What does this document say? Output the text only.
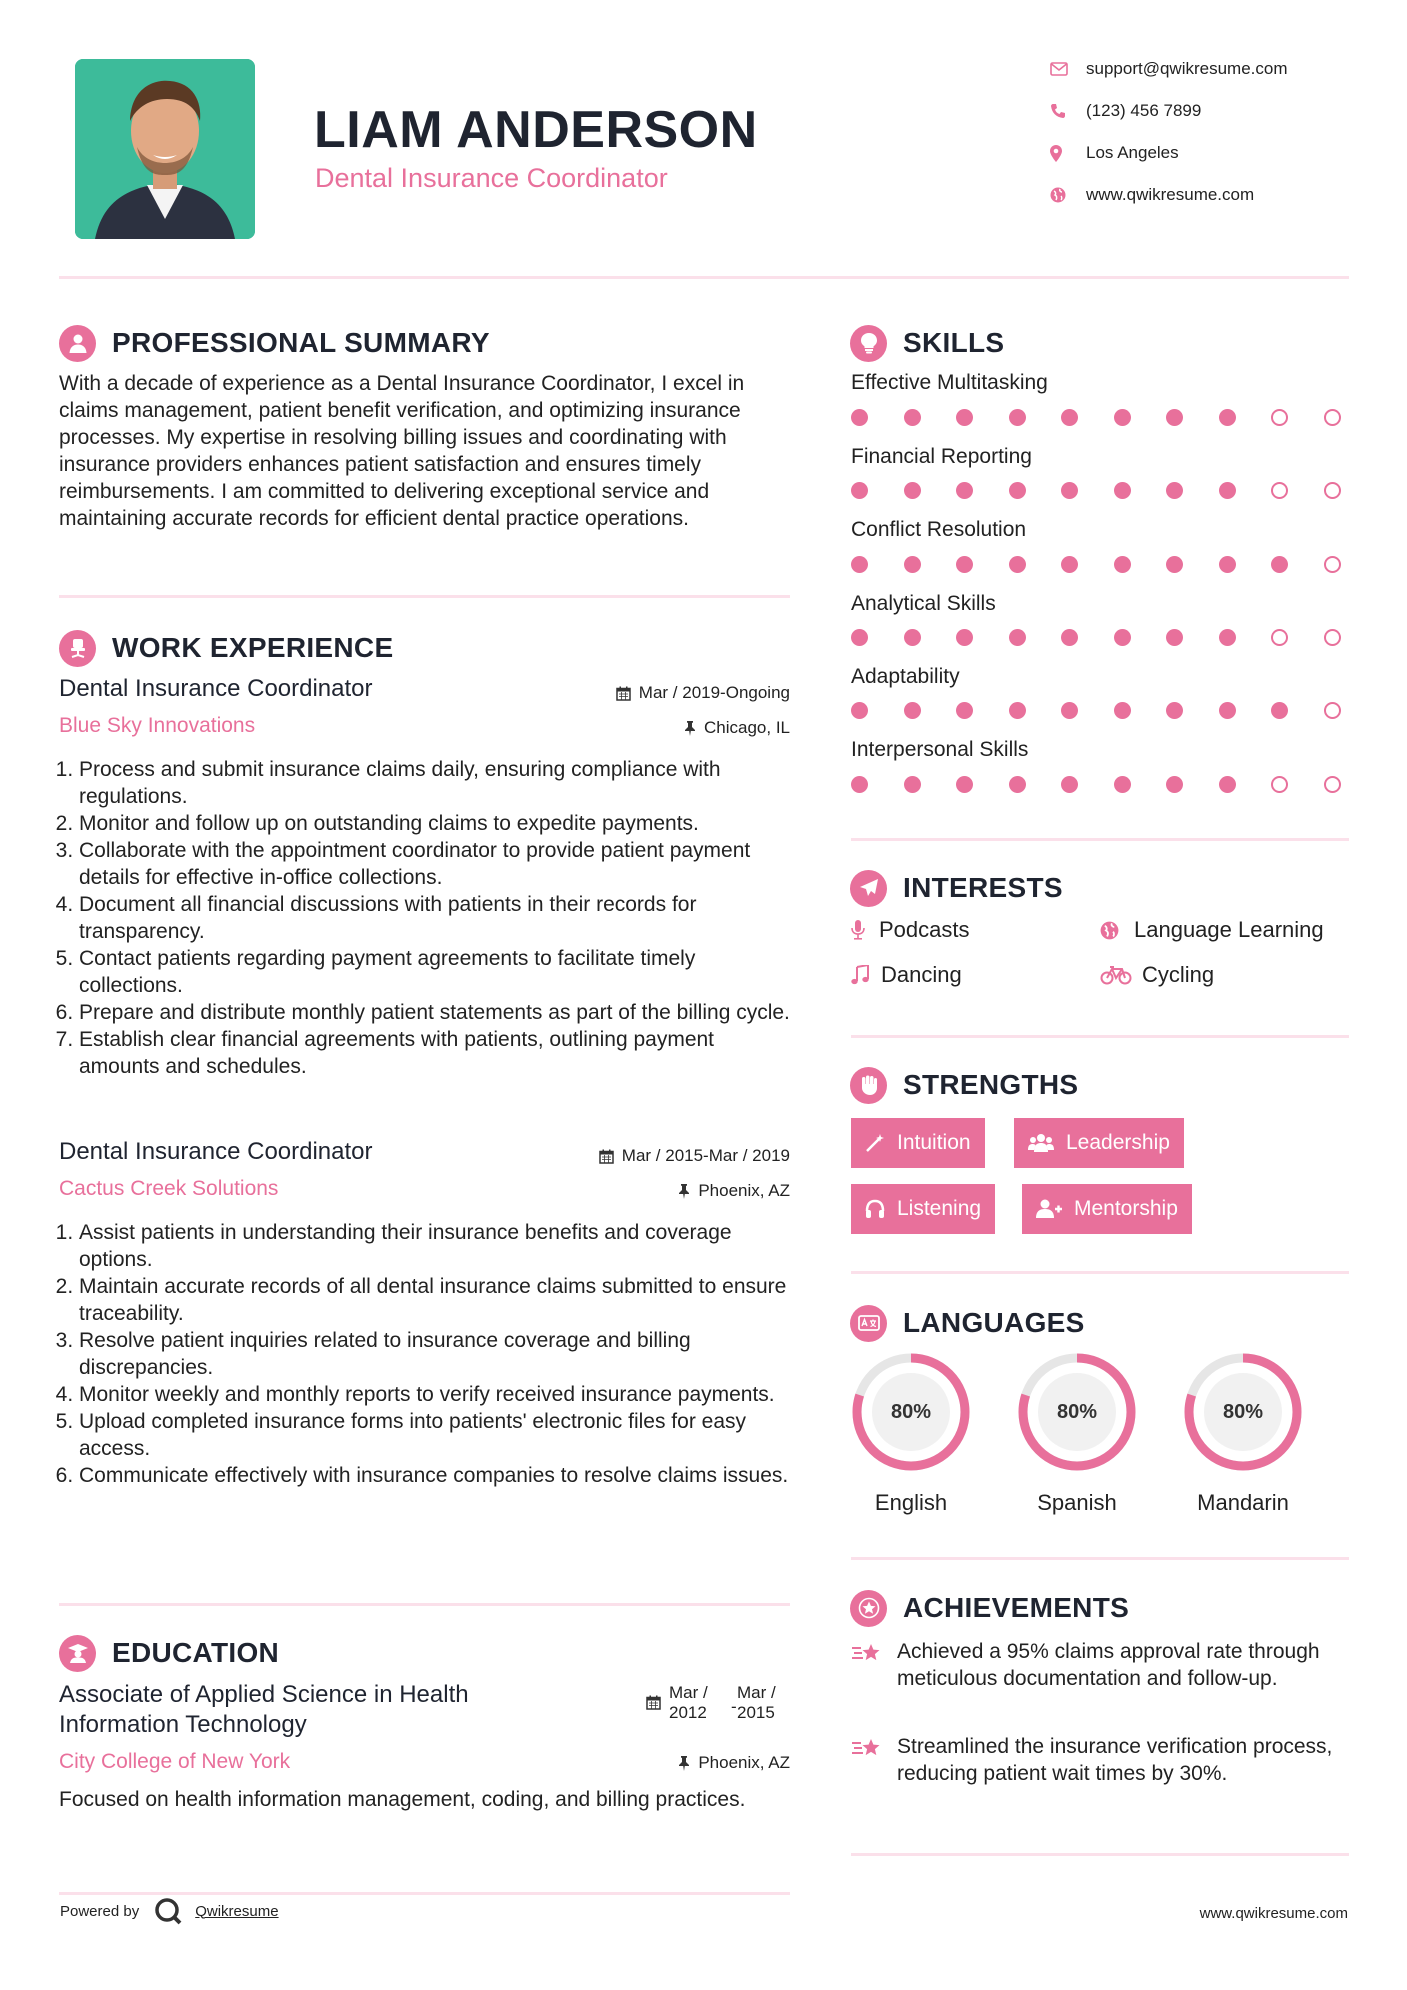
LIAM ANDERSON
Dental Insurance Coordinator
support@qwikresume.com
(123) 456 7899
Los Angeles
www.qwikresume.com
PROFESSIONAL SUMMARY
With a decade of experience as a Dental Insurance Coordinator, I excel in claims management, patient benefit verification, and optimizing insurance processes. My expertise in resolving billing issues and coordinating with insurance providers enhances patient satisfaction and ensures timely reimbursements. I am committed to delivering exceptional service and maintaining accurate records for efficient dental practice operations.
WORK EXPERIENCE
Dental Insurance Coordinator	Mar / 2019-Ongoing
Blue Sky Innovations	Chicago, IL
1. Process and submit insurance claims daily, ensuring compliance with regulations.
2. Monitor and follow up on outstanding claims to expedite payments.
3. Collaborate with the appointment coordinator to provide patient payment details for effective in-office collections.
4. Document all financial discussions with patients in their records for transparency.
5. Contact patients regarding payment agreements to facilitate timely collections.
6. Prepare and distribute monthly patient statements as part of the billing cycle.
7. Establish clear financial agreements with patients, outlining payment amounts and schedules.
Dental Insurance Coordinator	Mar / 2015-Mar / 2019
Cactus Creek Solutions	Phoenix, AZ
1. Assist patients in understanding their insurance benefits and coverage options.
2. Maintain accurate records of all dental insurance claims submitted to ensure traceability.
3. Resolve patient inquiries related to insurance coverage and billing discrepancies.
4. Monitor weekly and monthly reports to verify received insurance payments.
5. Upload completed insurance forms into patients' electronic files for easy access.
6. Communicate effectively with insurance companies to resolve claims issues.
EDUCATION
Associate of Applied Science in Health
Information Technology
Mar /
2012	-
Mar /
2015
City College of New York	Phoenix, AZ
Focused on health information management, coding, and billing practices.
Powered by	Qwikresume	www.qwikresume.com
SKILLS
Effective Multitasking
Financial Reporting
Conflict Resolution
Analytical Skills
Adaptability
Interpersonal Skills
INTERESTS
Podcasts	Language Learning
Dancing	Cycling
STRENGTHS
Intuition	Leadership
Listening	Mentorship
LANGUAGES
80%
English
80%
Spanish
80%
Mandarin
ACHIEVEMENTS
Achieved a 95% claims approval rate through meticulous documentation and follow-up.
Streamlined the insurance verification process, reducing patient wait times by 30%.
